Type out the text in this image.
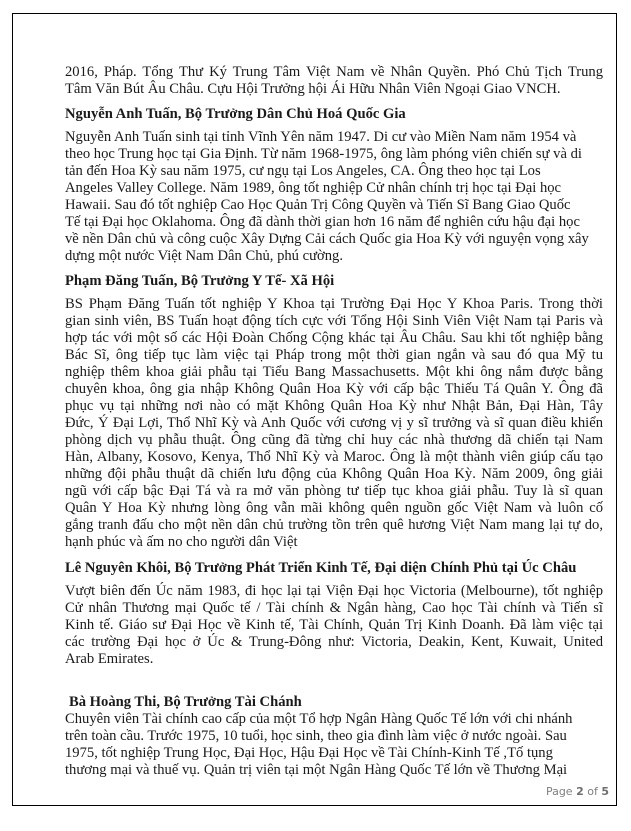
2016, Pháp. Tổng Thư Ký Trung Tâm Việt Nam về Nhân Quyền. Phó Chủ Tịch Trung
Tâm Văn Bút Âu Châu. Cựu Hội Trưởng hội Ái Hữu Nhân Viên Ngoại Giao VNCH.
Nguyễn Anh Tuấn, Bộ Trưởng Dân Chủ Hoá Quốc Gia
Nguyễn Anh Tuấn sinh tại tỉnh Vĩnh Yên năm 1947. Di cư vào Miền Nam năm 1954 và
theo học Trung học tại Gia Định. Từ năm 1968-1975, ông làm phóng viên chiến sự và di
tản đến Hoa Kỳ sau năm 1975, cư ngụ tại Los Angeles, CA. Ông theo học tại Los
Angeles Valley College. Năm 1989, ông tốt nghiệp Cử nhân chính trị học tại Đại học
Hawaii. Sau đó tốt nghiệp Cao Học Quản Trị Công Quyền và Tiến Sĩ Bang Giao Quốc
Tế tại Đại học Oklahoma. Ông đã dành thời gian hơn 16 năm để nghiên cứu hậu đại học
về nền Dân chủ và công cuộc Xây Dựng Cải cách Quốc gia Hoa Kỳ với nguyện vọng xây
dựng một nước Việt Nam Dân Chủ, phú cường.
Phạm Đăng Tuấn, Bộ Trưởng Y Tế- Xã Hội
BS Phạm Đăng Tuấn tốt nghiệp Y Khoa tại Trường Đại Học Y Khoa Paris. Trong thời
gian sinh viên, BS Tuấn hoạt động tích cực với Tổng Hội Sinh Viên Việt Nam tại Paris và
hợp tác với một số các Hội Đoàn Chống Cộng khác tại Âu Châu. Sau khi tốt nghiệp bằng
Bác Sĩ, ông tiếp tục làm việc tại Pháp trong một thời gian ngắn và sau đó qua Mỹ tu
nghiệp thêm khoa giải phẫu tại Tiểu Bang Massachusetts. Một khi ông nắm được bằng
chuyên khoa, ông gia nhập Không Quân Hoa Kỳ với cấp bậc Thiếu Tá Quân Y. Ông đã
phục vụ tại những nơi nào có mặt Không Quân Hoa Kỳ như Nhật Bản, Đại Hàn, Tây
Đức, Ý Đại Lợi, Thổ Nhĩ Kỳ và Anh Quốc với cương vị y sĩ trưởng và sĩ quan điều khiển
phòng dịch vụ phẫu thuật. Ông cũng đã từng chỉ huy các nhà thương dã chiến tại Nam
Hàn, Albany, Kosovo, Kenya, Thổ Nhĩ Kỳ và Maroc. Ông là một thành viên giúp cấu tạo
những đội phẫu thuật dã chiến lưu động của Không Quân Hoa Kỳ. Năm 2009, ông giải
ngũ với cấp bậc Đại Tá và ra mở văn phòng tư tiếp tục khoa giải phẫu. Tuy là sĩ quan
Quân Y Hoa Kỳ nhưng lòng ông vẫn mãi không quên nguồn gốc Việt Nam và luôn cố
gắng tranh đấu cho một nền dân chủ trường tồn trên quê hương Việt Nam mang lại tự do,
hạnh phúc và ấm no cho người dân Việt
Lê Nguyên Khôi, Bộ Trưởng Phát Triển Kinh Tế, Đại diện Chính Phủ tại Úc Châu
Vượt biên đến Úc năm 1983, đi học lại tại Viện Đại học Victoria (Melbourne), tốt nghiệp
Cử nhân Thương mại Quốc tế / Tài chính & Ngân hàng, Cao học Tài chính và Tiến sĩ
Kinh tế. Giáo sư Đại Học về Kinh tế, Tài Chính, Quản Trị Kinh Doanh. Đã làm việc tại
các trường Đại học ở Úc & Trung-Đông như: Victoria, Deakin, Kent, Kuwait, United
Arab Emirates.
Bà Hoàng Thi, Bộ Trưởng Tài Chánh
Chuyên viên Tài chính cao cấp của một Tổ hợp Ngân Hàng Quốc Tế lớn với chi nhánh
trên toàn cầu. Trước 1975, 10 tuổi, học sinh, theo gia đình làm việc ở nước ngoài. Sau
1975, tốt nghiệp Trung Học, Đại Học, Hậu Đại Học về Tài Chính-Kinh Tế ,Tố tụng
thương mại và thuế vụ. Quản trị viên tại một Ngân Hàng Quốc Tế lớn về Thương Mại
Page 2 of 5
